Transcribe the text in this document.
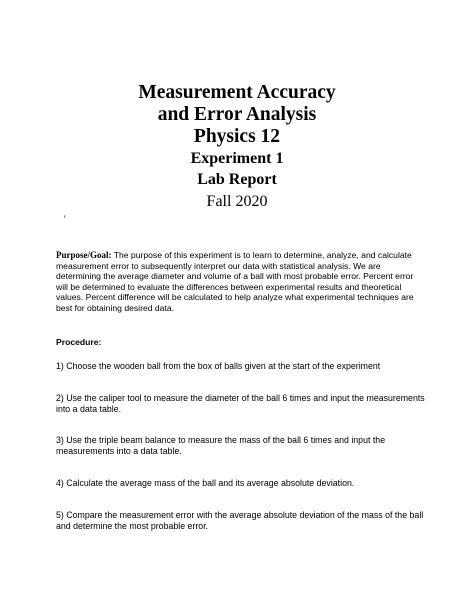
Measurement Accuracy

and Error Analysis

Physics 12

Experiment 1

Lab Report

Fall 2020
'

Purpose/Goal: The purpose of this experiment is to learn to determine, analyze, and calculate measurement error to subsequently interpret our data with statistical analysis. We are determining the average diameter and volume of a ball with most probable error. Percent error will be determined to evaluate the differences between experimental results and theoretical values. Percent difference will be calculated to help analyze what experimental techniques are best for obtaining desired data.

Procedure:

1) Choose the wooden ball from the box of balls given at the start of the experiment

2) Use the caliper tool to measure the diameter of the ball 6 times and input the measurements into a data table.

3) Use the triple beam balance to measure the mass of the ball 6 times and input the measurements into a data table.

4) Calculate the average mass of the ball and its average absolute deviation.

5) Compare the measurement error with the average absolute deviation of the mass of the ball and determine the most probable error.
